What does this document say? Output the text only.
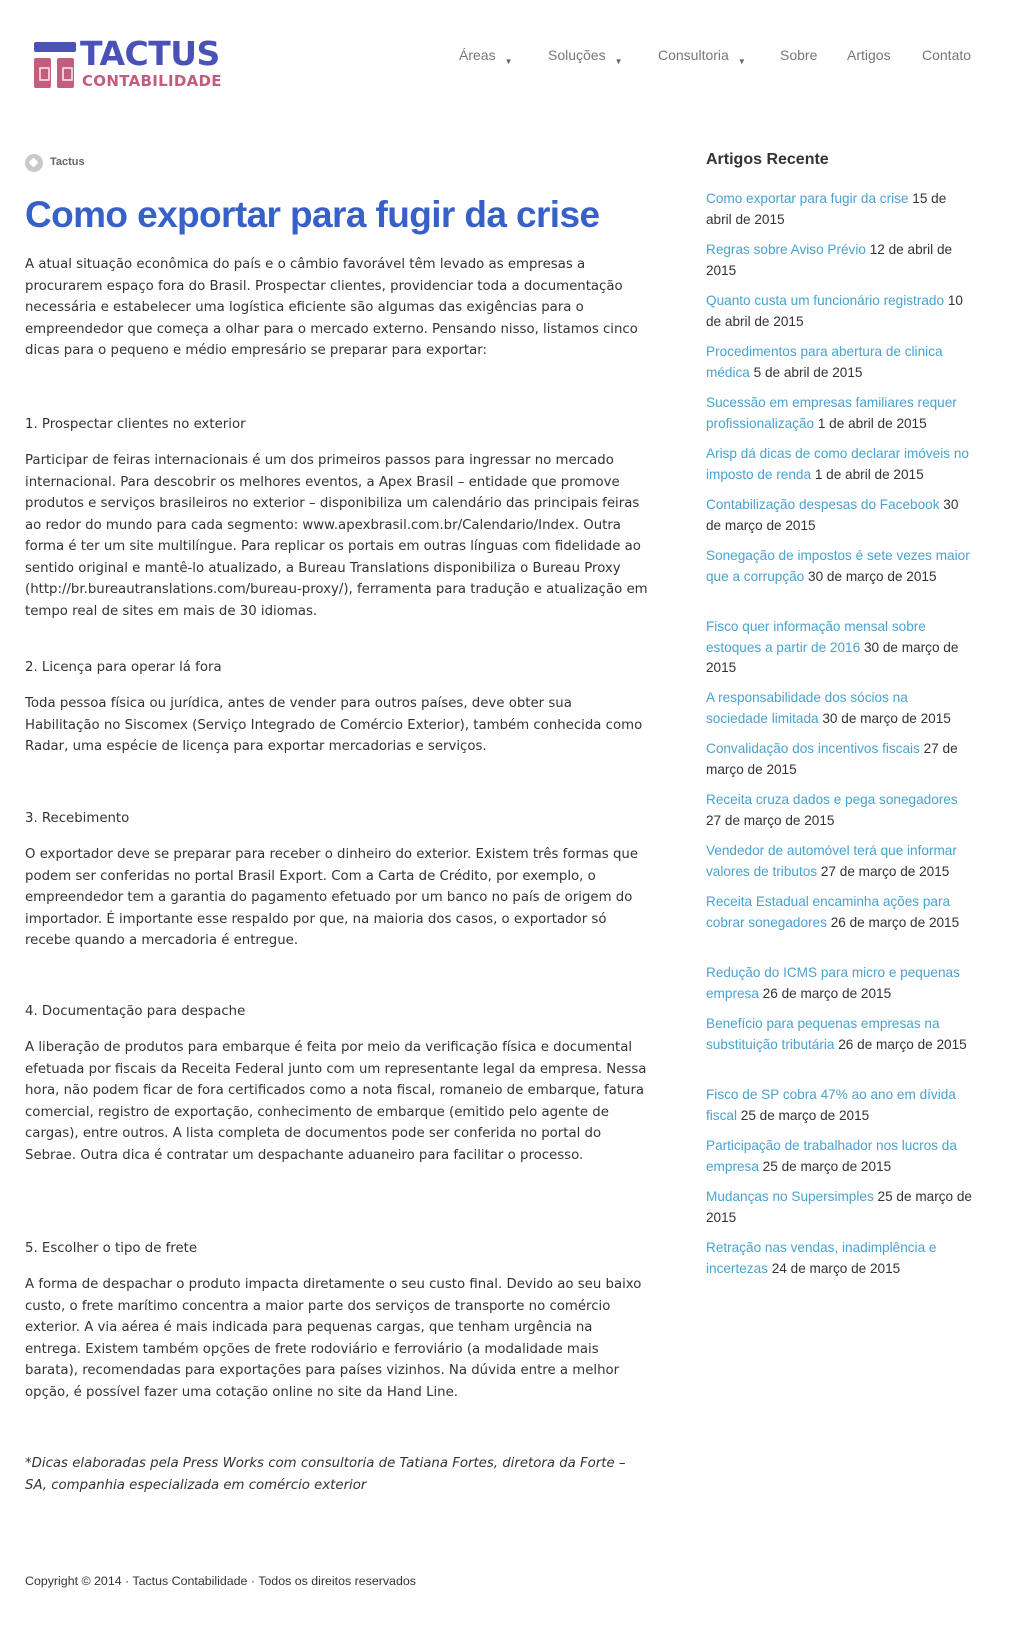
TACTUS
CONTABILIDADE
Áreas ▼	Soluções ▼	Consultoria ▼ Sobre Artigos Contato
Tactus
Como exportar para fugir da crise

A atual situação econômica do país e o câmbio favorável têm levado as empresas a procurarem espaço fora do Brasil. Prospectar clientes, providenciar toda a documentação necessária e estabelecer uma logística eficiente são algumas das exigências para o empreendedor que começa a olhar para o mercado externo. Pensando nisso, listamos cinco dicas para o pequeno e médio empresário se preparar para exportar:

1. Prospectar clientes no exterior

Participar de feiras internacionais é um dos primeiros passos para ingressar no mercado internacional. Para descobrir os melhores eventos, a Apex Brasil – entidade que promove produtos e serviços brasileiros no exterior – disponibiliza um calendário das principais feiras ao redor do mundo para cada segmento: www.apexbrasil.com.br/Calendario/Index. Outra forma é ter um site multilíngue. Para replicar os portais em outras línguas com fidelidade ao sentido original e mantê-lo atualizado, a Bureau Translations disponibiliza o Bureau Proxy (http://br.bureautranslations.com/bureau-proxy/), ferramenta para tradução e atualização em tempo real de sites em mais de 30 idiomas.

2. Licença para operar lá fora

Toda pessoa física ou jurídica, antes de vender para outros países, deve obter sua Habilitação no Siscomex (Serviço Integrado de Comércio Exterior), também conhecida como Radar, uma espécie de licença para exportar mercadorias e serviços.

3. Recebimento

O exportador deve se preparar para receber o dinheiro do exterior. Existem três formas que podem ser conferidas no portal Brasil Export. Com a Carta de Crédito, por exemplo, o empreendedor tem a garantia do pagamento efetuado por um banco no país de origem do importador. É importante esse respaldo por que, na maioria dos casos, o exportador só recebe quando a mercadoria é entregue.

4. Documentação para despache

A liberação de produtos para embarque é feita por meio da verificação física e documental efetuada por fiscais da Receita Federal junto com um representante legal da empresa. Nessa hora, não podem ficar de fora certificados como a nota fiscal, romaneio de embarque, fatura comercial, registro de exportação, conhecimento de embarque (emitido pelo agente de cargas), entre outros. A lista completa de documentos pode ser conferida no portal do Sebrae. Outra dica é contratar um despachante aduaneiro para facilitar o processo.

5. Escolher o tipo de frete

A forma de despachar o produto impacta diretamente o seu custo final. Devido ao seu baixo custo, o frete marítimo concentra a maior parte dos serviços de transporte no comércio exterior. A via aérea é mais indicada para pequenas cargas, que tenham urgência na entrega. Existem também opções de frete rodoviário e ferroviário (a modalidade mais barata), recomendadas para exportações para países vizinhos. Na dúvida entre a melhor opção, é possível fazer uma cotação online no site da Hand Line.

*Dicas elaboradas pela Press Works com consultoria de Tatiana Fortes, diretora da Forte – SA, companhia especializada em comércio exterior

Artigos Recente
Como exportar para fugir da crise 15 de abril de 2015
Regras sobre Aviso Prévio 12 de abril de 2015
Quanto custa um funcionário registrado 10 de abril de 2015
Procedimentos para abertura de clinica médica 5 de abril de 2015
Sucessão em empresas familiares requer profissionalização 1 de abril de 2015
Arisp dá dicas de como declarar imóveis no imposto de renda 1 de abril de 2015
Contabilização despesas do Facebook 30 de março de 2015
Sonegação de impostos é sete vezes maior que a corrupção 30 de março de 2015
Fisco quer informação mensal sobre estoques a partir de 2016 30 de março de 2015
A responsabilidade dos sócios na sociedade limitada 30 de março de 2015
Convalidação dos incentivos fiscais 27 de março de 2015
Receita cruza dados e pega sonegadores 27 de março de 2015
Vendedor de automóvel terá que informar valores de tributos 27 de março de 2015
Receita Estadual encaminha ações para cobrar sonegadores 26 de março de 2015
Redução do ICMS para micro e pequenas empresa 26 de março de 2015
Benefício para pequenas empresas na substituição tributária 26 de março de 2015
Fisco de SP cobra 47% ao ano em dívida fiscal 25 de março de 2015
Participação de trabalhador nos lucros da empresa 25 de março de 2015
Mudanças no Supersimples 25 de março de 2015
Retração nas vendas, inadimplência e incertezas 24 de março de 2015
Copyright © 2014 · Tactus Contabilidade · Todos os direitos reservados
